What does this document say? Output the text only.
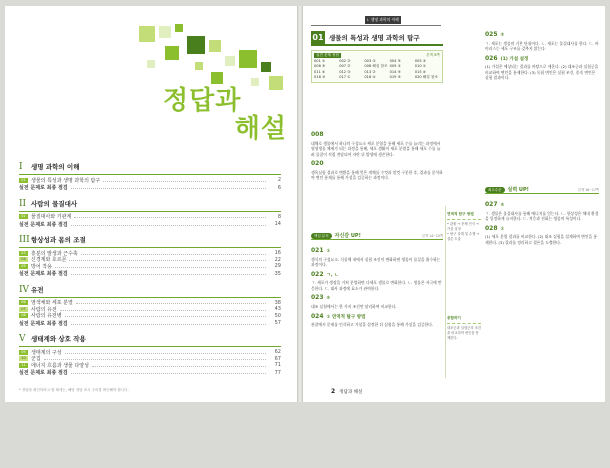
정답과
해설
I	생명 과학의 이해
01	생물의 특성과 생명 과학의 탐구	2
실전 문제로 최종 점검	6
II 사람의 물질대사
02	물질대사와 기관계	8
실전 문제로 최종 점검	14
III 항상성과 몸의 조절
03	흥분의 발생과 근수축	16
04	신경계와 호르몬	22
05	방어 작용	29
실전 문제로 최종 점검	35
IV 유전
06	염색체와 세포 분열	38
07	사람의 유전	43
08	사람의 유전병	50
실전 문제로 최종 점검	57
V 생태계와 상호 작용
09	생태계의 구성	62
10	군집	67
11	에너지 흐름과 생물 다양성	71
실전 문제로 최종 점검	77
* 정답을 확인하려고 할 때에는, 해당 정답 표시 주의를 확인해야 합니다.
I. 생명 과학의 이해
01 생물의 특성과 생명 과학의 탐구
실전 문제 정답	본책 8쪽
001 ①	002 ②	003 ③	004 ⑤	005 ③
006 ⑤	007 ②	008 해설 참조 009 ③	010 ①
011 ④	012 ③	013 ②	014 ⑤	015 ④
016 ③	017 ①	018 ④	019 ⑤	020 해설 참조
008

대체로 생물에서 하나의 구성요소 세포 분열을 통해 세포 수를 늘리는 과정에서 원생생물 체제가 되는 과정을 통해, 세포 생활이 세포 분열을 통해 세포 수를 늘려 물질이 직접 전달되어 자란 뒤 발생에 생존한다.

020

생육실험 결과로 변환을 통해 얻은 개체를 수컷과 암컷 구분한 후, 결과를 분석하여 변인 통제를 통해 가설을 검증하는 과정이다.

핵심 분석	자신감 UP!	본책 14~15쪽
021 ①

생식의 구성요소. 식물체 내에서 실험 조건이 변화하면 생물이 물질을 흡수하는 과정이다.

022 ㄱ, ㄴ

ㄱ. 세포가 생장을 거쳐 분열하면 다세포 생물로 변화한다. ㄴ. 생물은 자극에 반응한다. ㄷ. 대사 과정에 효소가 관여한다.

023 ⑤

대조 실험에서는 한 가지 조건만 달리하여 비교한다.

024 ① 연역적 탐구 방법

관찰에서 문제를 인식하고 가설을 설정한 뒤 실험을 통해 가설을 검증한다.

연역적 탐구 방법
• 관찰 → 문제 인식 → 가설 설정
• 탐구 설계 및 수행 → 결론 도출
종합하기
대조군과 실험군의 조건을 비교하여 변인을 통제한다.
025 ②

ㄱ. 세포는 생물의 기본 단위이다. ㄴ. 세포는 물질대사를 한다. ㄷ. 바이러스는 세포 구조를 갖추지 않는다.

026 (1) 가설 설정

(1) 가설은 예상되는 결과를 바탕으로 세운다. (2) 대조군과 실험군을 비교하여 변인을 통제한다. (3) 독립 변인은 실험 조건, 종속 변인은 실험 결과이다.

최고수준	실력 UP!	본책 16~17쪽
027 ⑤

ㄱ. 생물은 물질대사를 통해 에너지를 얻는다. ㄴ. 항상성은 체내 환경을 일정하게 유지한다. ㄷ. 적응과 진화는 생물의 특성이다.

028 ①

(1) 세포 분열 결과를 비교한다. (2) 대조 실험을 설계하여 변인을 통제한다. (3) 결과를 정리하고 결론을 도출한다.

2 정답과 해설
